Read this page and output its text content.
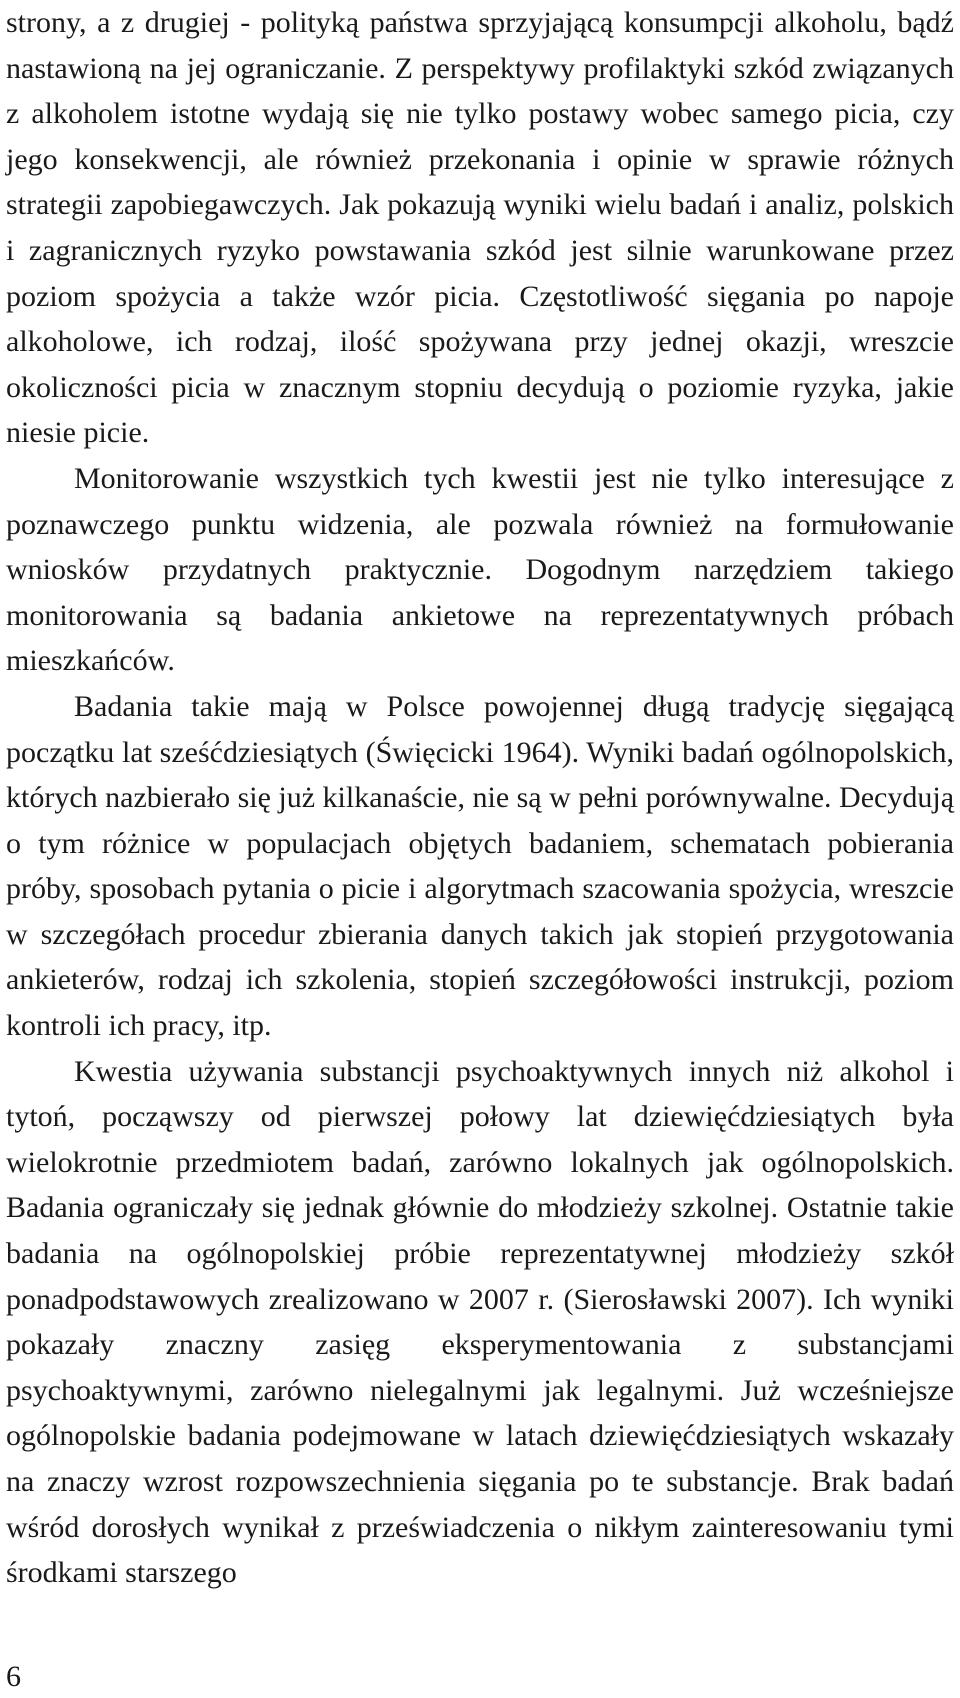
strony, a z drugiej - polityką państwa sprzyjającą konsumpcji alkoholu, bądź nastawioną na jej ograniczanie. Z perspektywy profilaktyki szkód związanych z alkoholem istotne wydają się nie tylko postawy wobec samego picia, czy jego konsekwencji, ale również przekonania i opinie w sprawie różnych strategii zapobiegawczych. Jak pokazują wyniki wielu badań i analiz, polskich i zagranicznych ryzyko powstawania szkód jest silnie warunkowane przez poziom spożycia a także wzór picia. Częstotliwość sięgania po napoje alkoholowe, ich rodzaj, ilość spożywana przy jednej okazji, wreszcie okoliczności picia w znacznym stopniu decydują o poziomie ryzyka, jakie niesie picie.

Monitorowanie wszystkich tych kwestii jest nie tylko interesujące z poznawczego punktu widzenia, ale pozwala również na formułowanie wniosków przydatnych praktycznie. Dogodnym narzędziem takiego monitorowania są badania ankietowe na reprezentatywnych próbach mieszkańców.

Badania takie mają w Polsce powojennej długą tradycję sięgającą początku lat sześćdziesiątych (Święcicki 1964). Wyniki badań ogólnopolskich, których nazbierało się już kilkanaście, nie są w pełni porównywalne. Decydują o tym różnice w populacjach objętych badaniem, schematach pobierania próby, sposobach pytania o picie i algorytmach szacowania spożycia, wreszcie w szczegółach procedur zbierania danych takich jak stopień przygotowania ankieterów, rodzaj ich szkolenia, stopień szczegółowości instrukcji, poziom kontroli ich pracy, itp.

Kwestia używania substancji psychoaktywnych innych niż alkohol i tytoń, począwszy od pierwszej połowy lat dziewięćdziesiątych była wielokrotnie przedmiotem badań, zarówno lokalnych jak ogólnopolskich. Badania ograniczały się jednak głównie do młodzieży szkolnej. Ostatnie takie badania na ogólnopolskiej próbie reprezentatywnej młodzieży szkół ponadpodstawowych zrealizowano w 2007 r. (Sierosławski 2007). Ich wyniki pokazały znaczny zasięg eksperymentowania z substancjami psychoaktywnymi, zarówno nielegalnymi jak legalnymi. Już wcześniejsze ogólnopolskie badania podejmowane w latach dziewięćdziesiątych wskazały na znaczy wzrost rozpowszechnienia sięgania po te substancje. Brak badań wśród dorosłych wynikał z przeświadczenia o nikłym zainteresowaniu tymi środkami starszego

6
